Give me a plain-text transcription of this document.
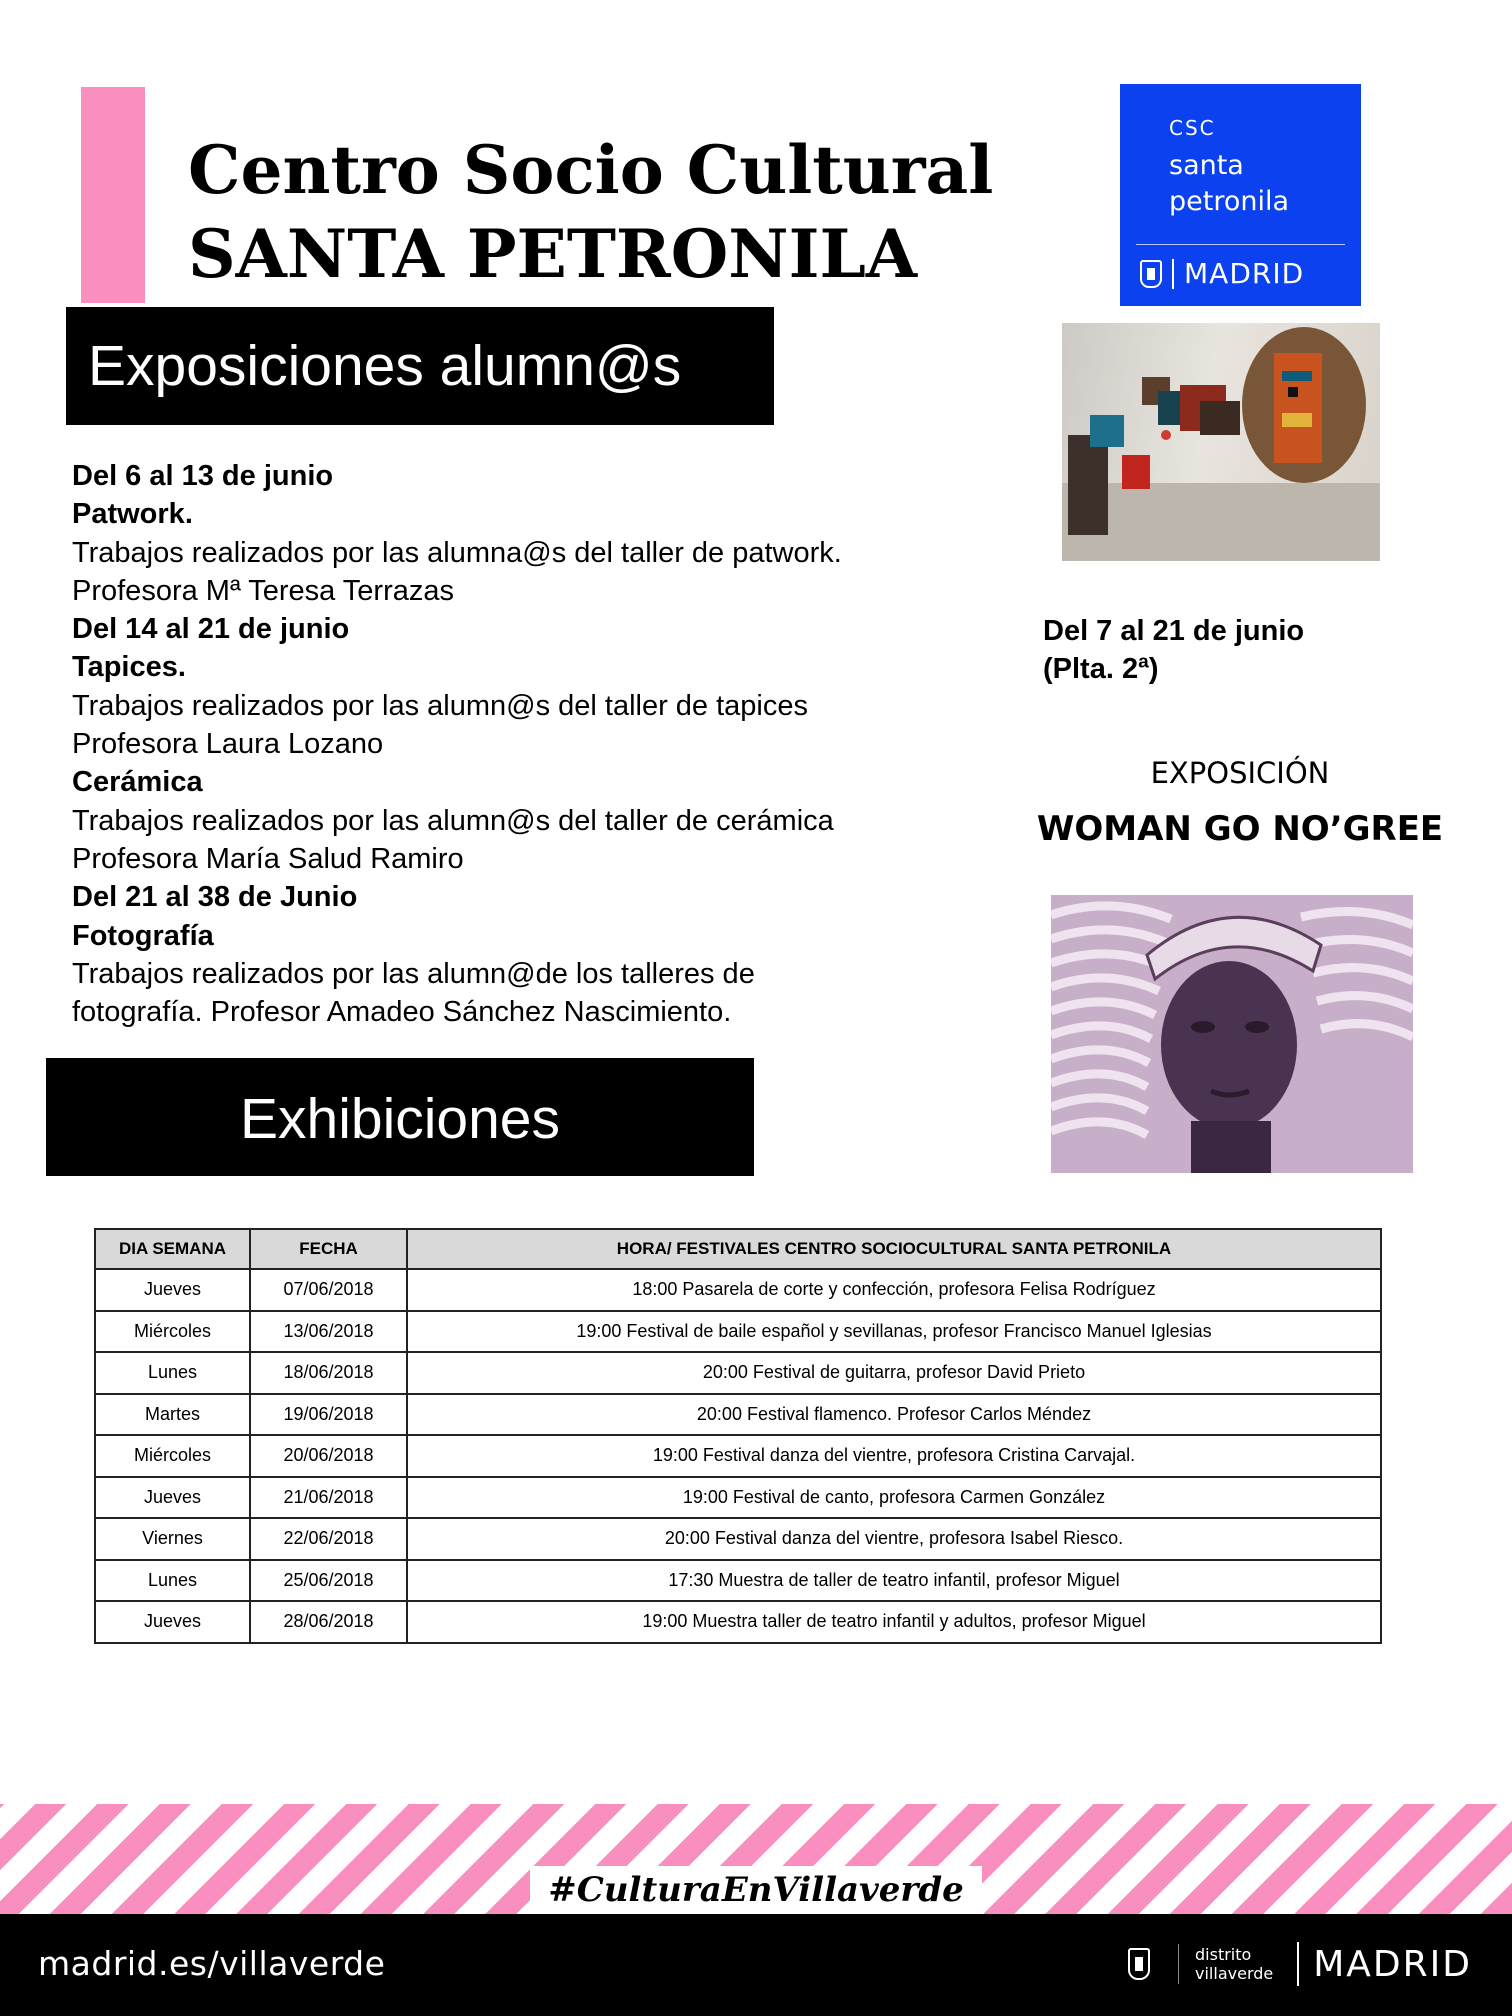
Centro Socio Cultural
SANTA PETRONILA
CSC
santa
petronila
MADRID
Exposiciones alumn@s
Del 6 al 13 de junio
Patwork.
Trabajos realizados por las alumna@s del taller de patwork.
Profesora Mª Teresa Terrazas
Del 14 al 21 de junio
Tapices.
Trabajos realizados por las alumn@s del taller de tapices
Profesora Laura Lozano
Cerámica
Trabajos realizados por las alumn@s del taller de cerámica
Profesora María Salud Ramiro
Del 21 al 38 de Junio
Fotografía
Trabajos realizados por las alumn@de los talleres de
fotografía. Profesor Amadeo Sánchez Nascimiento.
Del 7 al 21 de junio
(Plta. 2ª)
EXPOSICIÓN
WOMAN GO NO’GREE
Exhibiciones
DIA SEMANA	FECHA	HORA/ FESTIVALES CENTRO SOCIOCULTURAL SANTA PETRONILA
Jueves	07/06/2018	18:00 Pasarela de corte y confección, profesora Felisa Rodríguez
Miércoles	13/06/2018	19:00 Festival de baile español y sevillanas, profesor Francisco Manuel Iglesias
Lunes	18/06/2018	20:00 Festival de guitarra, profesor David Prieto
Martes	19/06/2018	20:00 Festival flamenco. Profesor Carlos Méndez
Miércoles	20/06/2018	19:00 Festival danza del vientre, profesora Cristina Carvajal.
Jueves	21/06/2018	19:00 Festival de canto, profesora Carmen González
Viernes	22/06/2018	20:00 Festival danza del vientre, profesora Isabel Riesco.
Lunes	25/06/2018	17:30 Muestra de taller de teatro infantil, profesor Miguel
Jueves	28/06/2018	19:00 Muestra taller de teatro infantil y adultos, profesor Miguel
#CulturaEnVillaverde
madrid.es/villaverde	distrito
villaverde MADRID
